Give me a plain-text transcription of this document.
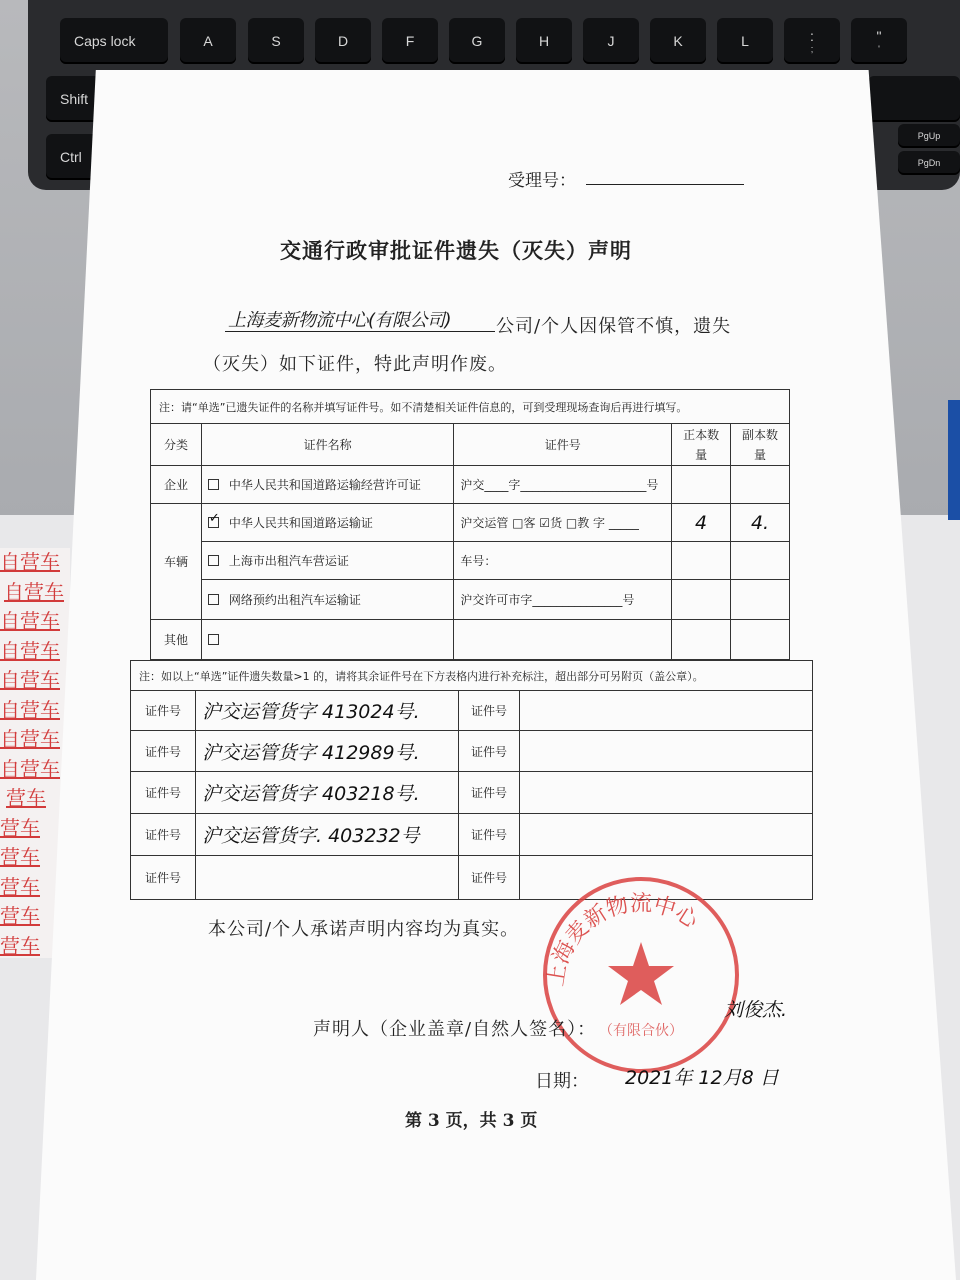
Caps lock	A	S	D	F	G	H	J	K	L	:
;
"
'
Shift
Ctrl
PgUp
PgDn
自营车
自营车
自营车
自营车
自营车
自营车
自营车
自营车
营车
营车
营车
营车
营车
营车
受理号：
交通行政审批证件遗失（灭失）声明
上海麦新物流中心(有限公司) 公司/个人因保管不慎，遗失
（灭失）如下证件，特此声明作废。
注：请“单选”已遗失证件的名称并填写证件号。如不清楚相关证件信息的，可到受理现场查询后再进行填写。				
分类	证件名称	证件号	正本数量	副本数量
企业	中华人民共和国道路运输经营许可证	沪交____字_____________________号		
车辆	✓中华人民共和国道路运输证	沪交运管 □客 ☑货 □教 字 _____	4	4.
	上海市出租汽车营运证	车号：		
	网络预约出租汽车运输证	沪交许可市字_______________号		
其他				
注：如以上“单选”证件遗失数量>1 的，请将其余证件号在下方表格内进行补充标注，超出部分可另附页（盖公章）。			
证件号	沪交运管货字 413024号.	证件号	
证件号	沪交运管货字 412989号.	证件号	
证件号	沪交运管货字 403218号.	证件号	
证件号	沪交运管货字. 403232号	证件号	
证件号		证件号	
本公司/个人承诺声明内容均为真实。
上海麦新物流中心
（有限合伙）
声明人（企业盖章/自然人签名）：
刘俊杰.
日期： 2021年 12月8 日
第 3 页，共 3 页
